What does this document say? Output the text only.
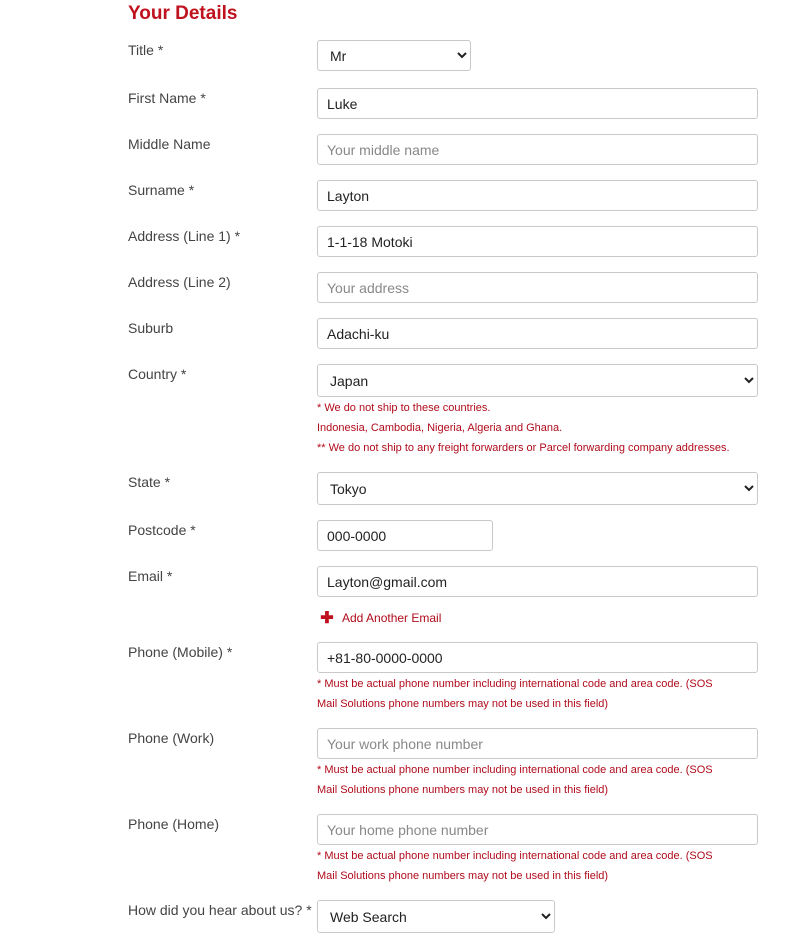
Your Details
Title *
Mr
First Name *
Luke
Middle Name
Your middle name
Surname *
Layton
Address (Line 1) *
1-1-18 Motoki
Address (Line 2)
Your address
Suburb
Adachi-ku
Country *
Japan
* We do not ship to these countries.
Indonesia, Cambodia, Nigeria, Algeria and Ghana.
** We do not ship to any freight forwarders or Parcel forwarding company addresses.
State *
Tokyo
Postcode *
000-0000
Email *
Layton@gmail.com
✚ Add Another Email
Phone (Mobile) *
+81-80-0000-0000
* Must be actual phone number including international code and area code. (SOS
Mail Solutions phone numbers may not be used in this field)
Phone (Work)
Your work phone number
* Must be actual phone number including international code and area code. (SOS
Mail Solutions phone numbers may not be used in this field)
Phone (Home)
Your home phone number
* Must be actual phone number including international code and area code. (SOS
Mail Solutions phone numbers may not be used in this field)
How did you hear about us? *
Web Search
